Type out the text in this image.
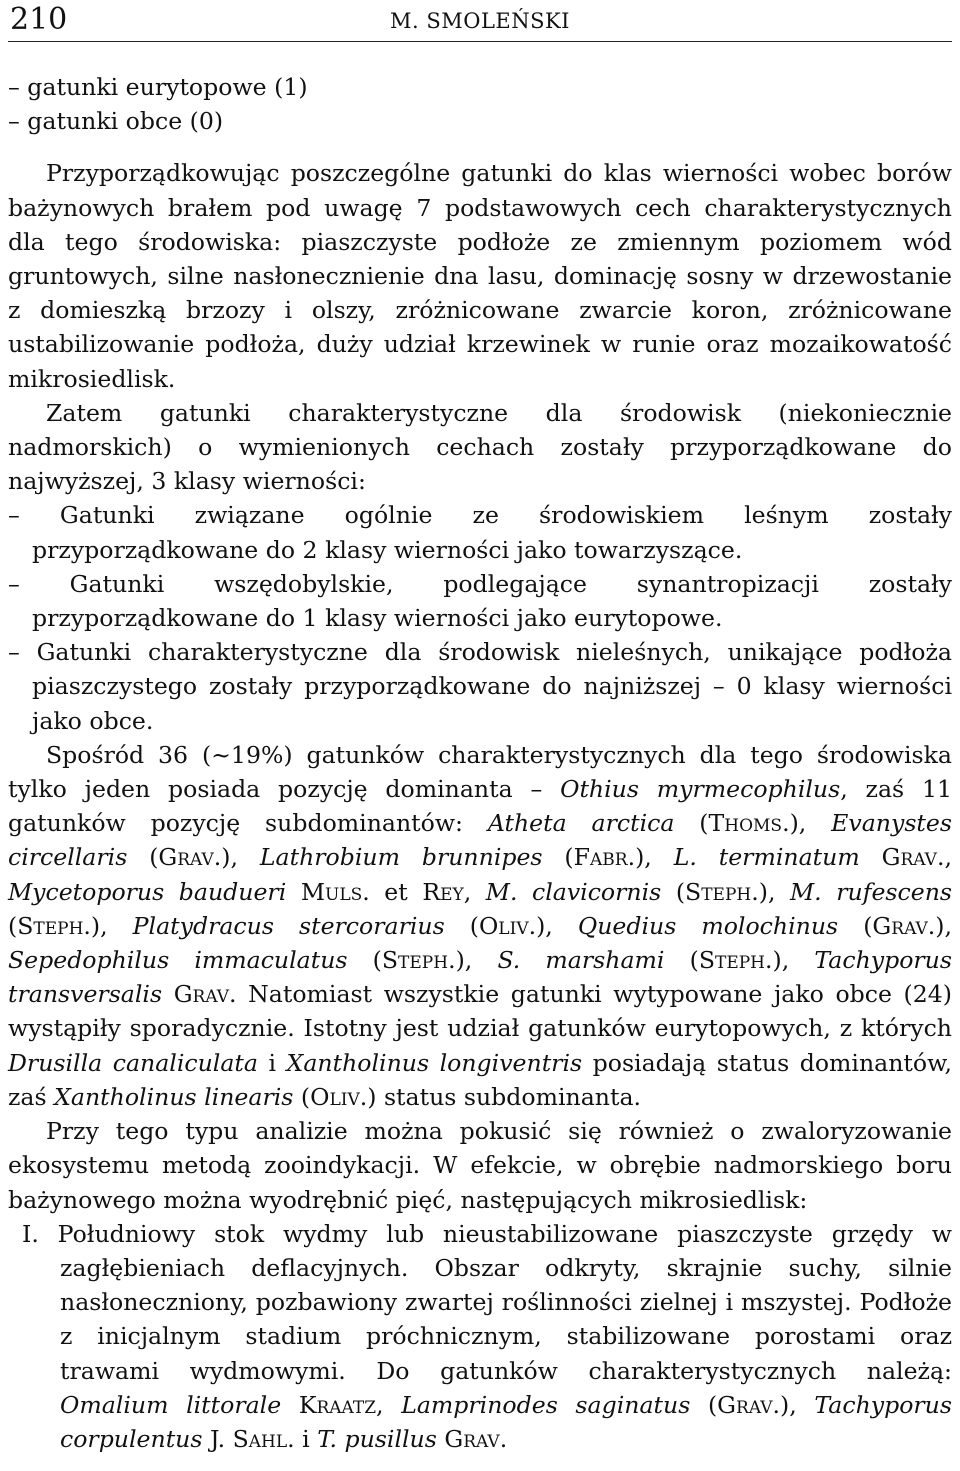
210	M. SMOLEŃSKI

– gatunki eurytopowe (1)

– gatunki obce (0)

Przyporządkowując poszczególne gatunki do klas wierności wobec borów bażynowych brałem pod uwagę 7 podstawowych cech charakterystycznych dla tego środowiska: piaszczyste podłoże ze zmiennym poziomem wód gruntowych, silne nasłonecznienie dna lasu, dominację sosny w drzewostanie z domieszką brzozy i olszy, zróżnicowane zwarcie koron, zróżnicowane ustabilizowanie podłoża, duży udział krzewinek w runie oraz mozaikowatość mikrosiedlisk.

Zatem gatunki charakterystyczne dla środowisk (niekoniecznie nadmorskich) o wymienionych cechach zostały przyporządkowane do najwyższej, 3 klasy wierności:

– Gatunki związane ogólnie ze środowiskiem leśnym zostały przyporządkowane do 2 klasy wierności jako towarzyszące.

– Gatunki wszędobylskie, podlegające synantropizacji zostały przyporządkowane do 1 klasy wierności jako eurytopowe.

– Gatunki charakterystyczne dla środowisk nieleśnych, unikające podłoża piaszczystego zostały przyporządkowane do najniższej – 0 klasy wierności jako obce.

Spośród 36 (~19%) gatunków charakterystycznych dla tego środowiska tylko jeden posiada pozycję dominanta – Othius myrmecophilus, zaś 11 gatunków pozycję subdominantów: Atheta arctica (Thoms.), Evanystes circellaris (Grav.), Lathrobium brunnipes (Fabr.), L. terminatum Grav., Mycetoporus baudueri Muls. et Rey, M. clavicornis (Steph.), M. rufescens (Steph.), Platydracus stercorarius (Oliv.), Quedius molochinus (Grav.), Sepedophilus immaculatus (Steph.), S. marshami (Steph.), Tachyporus transversalis Grav. Natomiast wszystkie gatunki wytypowane jako obce (24) wystąpiły sporadycznie. Istotny jest udział gatunków eurytopowych, z których Drusilla canaliculata i Xantholinus longiventris posiadają status dominantów, zaś Xantholinus linearis (Oliv.) status subdominanta.

Przy tego typu analizie można pokusić się również o zwaloryzowanie ekosystemu metodą zooindykacji. W efekcie, w obrębie nadmorskiego boru bażynowego można wyodrębnić pięć, następujących mikrosiedlisk:

I. Południowy stok wydmy lub nieustabilizowane piaszczyste grzędy w zagłębieniach deflacyjnych. Obszar odkryty, skrajnie suchy, silnie nasłoneczniony, pozbawiony zwartej roślinności zielnej i mszystej. Podłoże z inicjalnym stadium próchnicznym, stabilizowane porostami oraz trawami wydmowymi. Do gatunków charakterystycznych należą: Omalium littorale Kraatz, Lamprinodes saginatus (Grav.), Tachyporus corpulentus J. Sahl. i T. pusillus Grav.
